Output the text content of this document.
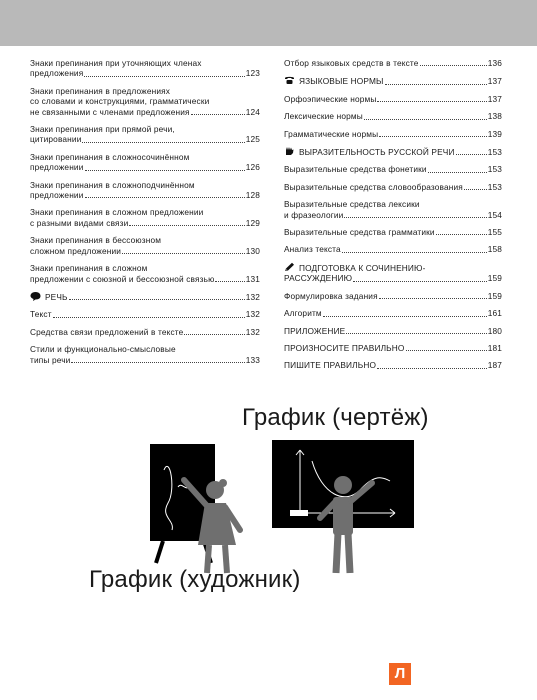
Знаки препинания при уточняющих членах
предложения	123
Знаки препинания в предложениях
со словами и конструкциями, грамматически
не связанными с членами предложения	124
Знаки препинания при прямой речи,
цитировании	125
Знаки препинания в сложносочинённом
предложении	126
Знаки препинания в сложноподчинённом
предложении	128
Знаки препинания в сложном предложении
с разными видами связи	129
Знаки препинания в бессоюзном
сложном предложении	130
Знаки препинания в сложном
предложении с союзной и бессоюзной связью	131
РЕЧЬ	132
Текст	132
Средства связи предложений в тексте	132
Стили и функционально-смысловые
типы речи	133
Отбор языковых средств в тексте	136
ЯЗЫКОВЫЕ НОРМЫ	137
Орфоэпические нормы	137
Лексические нормы	138
Грамматические нормы	139
ВЫРАЗИТЕЛЬНОСТЬ РУССКОЙ РЕЧИ	153
Выразительные средства фонетики	153
Выразительные средства словообразования	153
Выразительные средства лексики
и фразеологии	154
Выразительные средства грамматики	155
Анализ текста	158
ПОДГОТОВКА К СОЧИНЕНИЮ-
РАССУЖДЕНИЮ	159
Формулировка задания	159
Алгоритм	161
ПРИЛОЖЕНИЕ	180
ПРОИЗНОСИТЕ ПРАВИЛЬНО	181
ПИШИТЕ ПРАВИЛЬНО	187
График (чертёж)
График (художник)
Л
